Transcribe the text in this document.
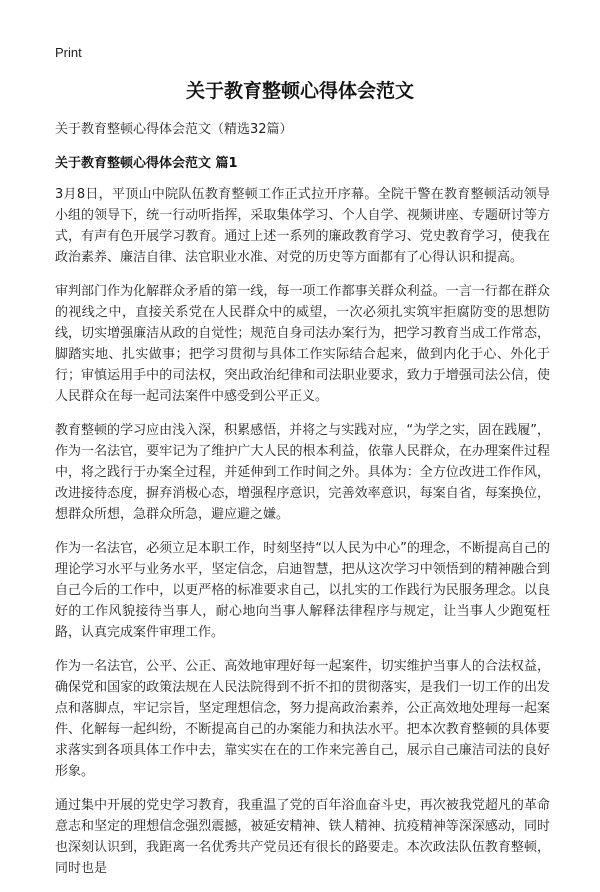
Print
关于教育整顿心得体会范文

关于教育整顿心得体会范文（精选32篇）

关于教育整顿心得体会范文 篇1

3月8日，平顶山中院队伍教育整顿工作正式拉开序幕。全院干警在教育整顿活动领导小组的领导下，统一行动听指挥，采取集体学习、个人自学、视频讲座、专题研讨等方式，有声有色开展学习教育。通过上述一系列的廉政教育学习、党史教育学习，使我在政治素养、廉洁自律、法官职业水准、对党的历史等方面都有了心得认识和提高。

审判部门作为化解群众矛盾的第一线，每一项工作都事关群众利益。一言一行都在群众的视线之中，直接关系党在人民群众中的威望，一次必须扎实筑牢拒腐防变的思想防线，切实增强廉洁从政的自觉性；规范自身司法办案行为，把学习教育当成工作常态，脚踏实地、扎实做事；把学习贯彻与具体工作实际结合起来，做到内化于心、外化于行；审慎运用手中的司法权，突出政治纪律和司法职业要求，致力于增强司法公信，使人民群众在每一起司法案件中感受到公平正义。

教育整顿的学习应由浅入深，积累感悟，并将之与实践对应，“为学之实，固在践履”，作为一名法官，要牢记为了维护广大人民的根本利益，依靠人民群众，在办理案件过程中，将之践行于办案全过程，并延伸到工作时间之外。具体为：全方位改进工作作风，改进接待态度，摒弃消极心态，增强程序意识，完善效率意识，每案自省，每案换位，想群众所想，急群众所急，避应避之嫌。

作为一名法官，必须立足本职工作，时刻坚持“以人民为中心”的理念，不断提高自己的理论学习水平与业务水平，坚定信念，启迪智慧，把从这次学习中领悟到的精神融合到自己今后的工作中，以更严格的标准要求自己，以扎实的工作践行为民服务理念。以良好的工作风貌接待当事人，耐心地向当事人解释法律程序与规定，让当事人少跑冤枉路，认真完成案件审理工作。

作为一名法官，公平、公正、高效地审理好每一起案件，切实维护当事人的合法权益，确保党和国家的政策法规在人民法院得到不折不扣的贯彻落实，是我们一切工作的出发点和落脚点，牢记宗旨，坚定理想信念，努力提高政治素养，公正高效地处理每一起案件、化解每一起纠纷，不断提高自己的办案能力和执法水平。把本次教育整顿的具体要求落实到各项具体工作中去，靠实实在在的工作来完善自己，展示自己廉洁司法的良好形象。

通过集中开展的党史学习教育，我重温了党的百年浴血奋斗史，再次被我党超凡的革命意志和坚定的理想信念强烈震撼，被延安精神、铁人精神、抗疫精神等深深感动，同时也深刻认识到，我距离一名优秀共产党员还有很长的路要走。本次政法队伍教育整顿，同时也是
